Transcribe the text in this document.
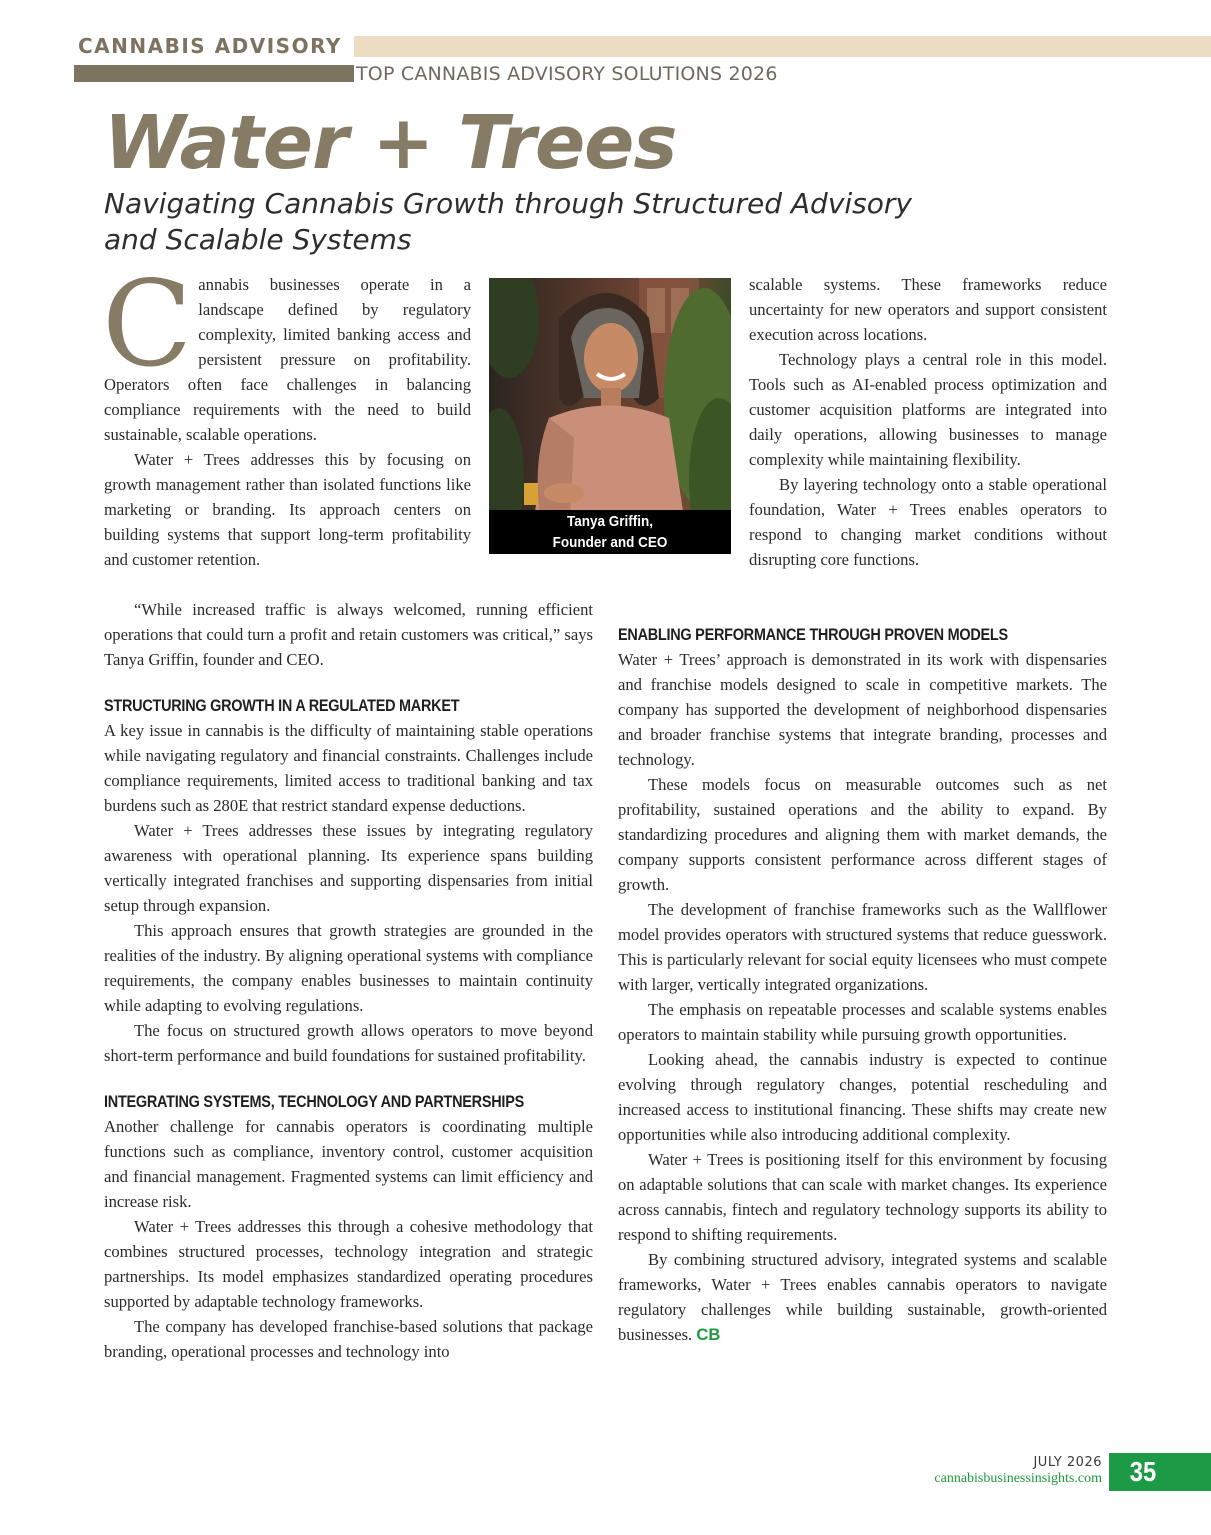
CANNABIS ADVISORY
TOP CANNABIS ADVISORY SOLUTIONS 2026
Water + Trees
Navigating Cannabis Growth through Structured Advisory and Scalable Systems

Cannabis businesses operate in a landscape defined by regulatory complexity, limited banking access and persistent pressure on profitability. Operators often face challenges in balancing compliance requirements with the need to build sustainable, scalable operations.

Water + Trees addresses this by focusing on growth management rather than isolated functions like marketing or branding. Its approach centers on building systems that support long-term profitability and customer retention.

Tanya Griffin,
Founder and CEO

“While increased traffic is always welcomed, running efficient operations that could turn a profit and retain customers was critical,” says Tanya Griffin, founder and CEO.

STRUCTURING GROWTH IN A REGULATED MARKET

A key issue in cannabis is the difficulty of maintaining stable operations while navigating regulatory and financial constraints. Challenges include compliance requirements, limited access to traditional banking and tax burdens such as 280E that restrict standard expense deductions.

Water + Trees addresses these issues by integrating regulatory awareness with operational planning. Its experience spans building vertically integrated franchises and supporting dispensaries from initial setup through expansion.

This approach ensures that growth strategies are grounded in the realities of the industry. By aligning operational systems with compliance requirements, the company enables businesses to maintain continuity while adapting to evolving regulations.

The focus on structured growth allows operators to move beyond short-term performance and build foundations for sustained profitability.

INTEGRATING SYSTEMS, TECHNOLOGY AND PARTNERSHIPS

Another challenge for cannabis operators is coordinating multiple functions such as compliance, inventory control, customer acquisition and financial management. Fragmented systems can limit efficiency and increase risk.

Water + Trees addresses this through a cohesive methodology that combines structured processes, technology integration and strategic partnerships. Its model emphasizes standardized operating procedures supported by adaptable technology frameworks.

The company has developed franchise-based solutions that package branding, operational processes and technology into

scalable systems. These frameworks reduce uncertainty for new operators and support consistent execution across locations.

Technology plays a central role in this model. Tools such as AI-enabled process optimization and customer acquisition platforms are integrated into daily operations, allowing businesses to manage complexity while maintaining flexibility.

By layering technology onto a stable operational foundation, Water + Trees enables operators to respond to changing market conditions without disrupting core functions.

ENABLING PERFORMANCE THROUGH PROVEN MODELS

Water + Trees’ approach is demonstrated in its work with dispensaries and franchise models designed to scale in competitive markets. The company has supported the development of neighborhood dispensaries and broader franchise systems that integrate branding, processes and technology.

These models focus on measurable outcomes such as net profitability, sustained operations and the ability to expand. By standardizing procedures and aligning them with market demands, the company supports consistent performance across different stages of growth.

The development of franchise frameworks such as the Wallflower model provides operators with structured systems that reduce guesswork. This is particularly relevant for social equity licensees who must compete with larger, vertically integrated organizations.

The emphasis on repeatable processes and scalable systems enables operators to maintain stability while pursuing growth opportunities.

Looking ahead, the cannabis industry is expected to continue evolving through regulatory changes, potential rescheduling and increased access to institutional financing. These shifts may create new opportunities while also introducing additional complexity.

Water + Trees is positioning itself for this environment by focusing on adaptable solutions that can scale with market changes. Its experience across cannabis, fintech and regulatory technology supports its ability to respond to shifting requirements.

By combining structured advisory, integrated systems and scalable frameworks, Water + Trees enables cannabis operators to navigate regulatory challenges while building sustainable, growth-oriented businesses. CB

JULY 2026
cannabisbusinessinsights.com 35
